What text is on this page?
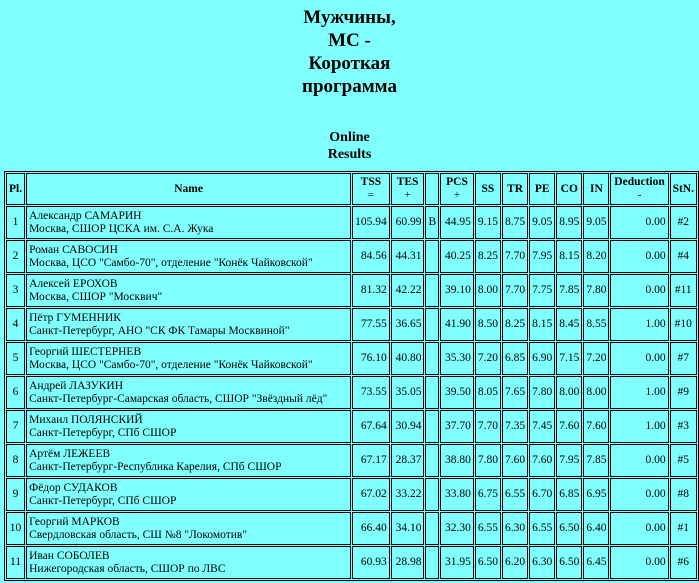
Мужчины,
МС -
Короткая
программа
Online
Results
Pl.	Name	TSS
=	TES
+		PCS
+	SS	TR	PE	CO	IN	Deduction
-	StN.
1	Александр САМАРИН
Москва, СШОР ЦСКА им. С.А. Жука	105.94	60.99	B	44.95	9.15	8.75	9.05	8.95	9.05	0.00	#2
2	Роман САВОСИН
Москва, ЦСО "Самбо-70", отделение "Конёк Чайковской"	84.56	44.31		40.25	8.25	7.70	7.95	8.15	8.20	0.00	#4
3	Алексей ЕРОХОВ
Москва, СШОР "Москвич"	81.32	42.22		39.10	8.00	7.70	7.75	7.85	7.80	0.00	#11
4	Пётр ГУМЕННИК
Санкт-Петербург, АНО "СК ФК Тамары Москвиной"	77.55	36.65		41.90	8.50	8.25	8.15	8.45	8.55	1.00	#10
5	Георгий ШЕСТЕРНЕВ
Москва, ЦСО "Самбо-70", отделение "Конёк Чайковской"	76.10	40.80		35.30	7.20	6.85	6.90	7.15	7.20	0.00	#7
6	Андрей ЛАЗУКИН
Санкт-Петербург-Самарская область, СШОР "Звёздный лёд"	73.55	35.05		39.50	8.05	7.65	7.80	8.00	8.00	1.00	#9
7	Михаил ПОЛЯНСКИЙ
Санкт-Петербург, СПб СШОР	67.64	30.94		37.70	7.70	7.35	7.45	7.60	7.60	1.00	#3
8	Артём ЛЕЖЕЕВ
Санкт-Петербург-Республика Карелия, СПб СШОР	67.17	28.37		38.80	7.80	7.60	7.60	7.95	7.85	0.00	#5
9	Фёдор СУДАКОВ
Санкт-Петербург, СПб СШОР	67.02	33.22		33.80	6.75	6.55	6.70	6.85	6.95	0.00	#8
10	Георгий МАРКОВ
Свердловская область, СШ №8 "Локомотив"	66.40	34.10		32.30	6.55	6.30	6.55	6.50	6.40	0.00	#1
11	Иван СОБОЛЕВ
Нижегородская область, СШОР по ЛВС	60.93	28.98		31.95	6.50	6.20	6.30	6.50	6.45	0.00	#6
